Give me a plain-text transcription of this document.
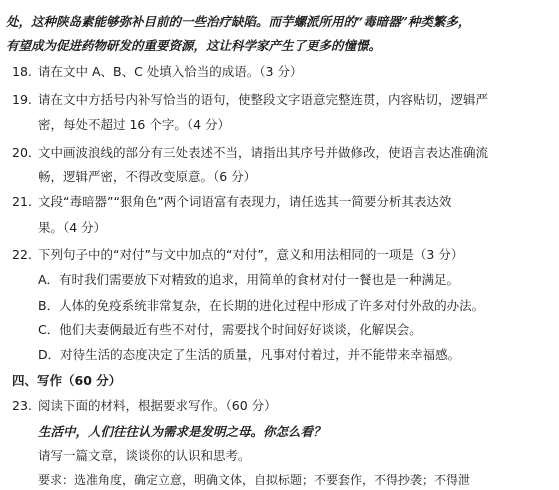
处，这种陕岛素能够弥补目前的一些治疗缺陷。而芋螺派所用的“毒暗器”种类繁多，
有望成为促进药物研发的重要资源，这让科学家产生了更多的憧憬。
18. 请在文中 A、B、C 处填入恰当的成语。（3 分）
19. 请在文中方括号内补写恰当的语句，使整段文字语意完整连贯，内容贴切，逻辑严
密，每处不超过 16 个字。（4 分）
20. 文中画波浪线的部分有三处表述不当，请指出其序号并做修改，使语言表达准确流
畅，逻辑严密，不得改变原意。（6 分）
21. 文段“毒暗器”“狠角色”两个词语富有表现力，请任选其一简要分析其表达效
果。（4 分）
22. 下列句子中的“对付”与文中加点的“对付”，意义和用法相同的一项是（3 分）
A．有时我们需要放下对精致的追求，用简单的食材对付一餐也是一种满足。
B．人体的免疫系统非常复杂，在长期的进化过程中形成了许多对付外敌的办法。
C．他们夫妻俩最近有些不对付，需要找个时间好好谈谈，化解误会。
D．对待生活的态度决定了生活的质量，凡事对付着过，并不能带来幸福感。
四、写作（60 分）
23. 阅读下面的材料，根据要求写作。（60 分）
生活中，人们往往认为需求是发明之母。你怎么看？
请写一篇文章，谈谈你的认识和思考。
要求：选准角度，确定立意，明确文体，自拟标题；不要套作，不得抄袭；不得泄
